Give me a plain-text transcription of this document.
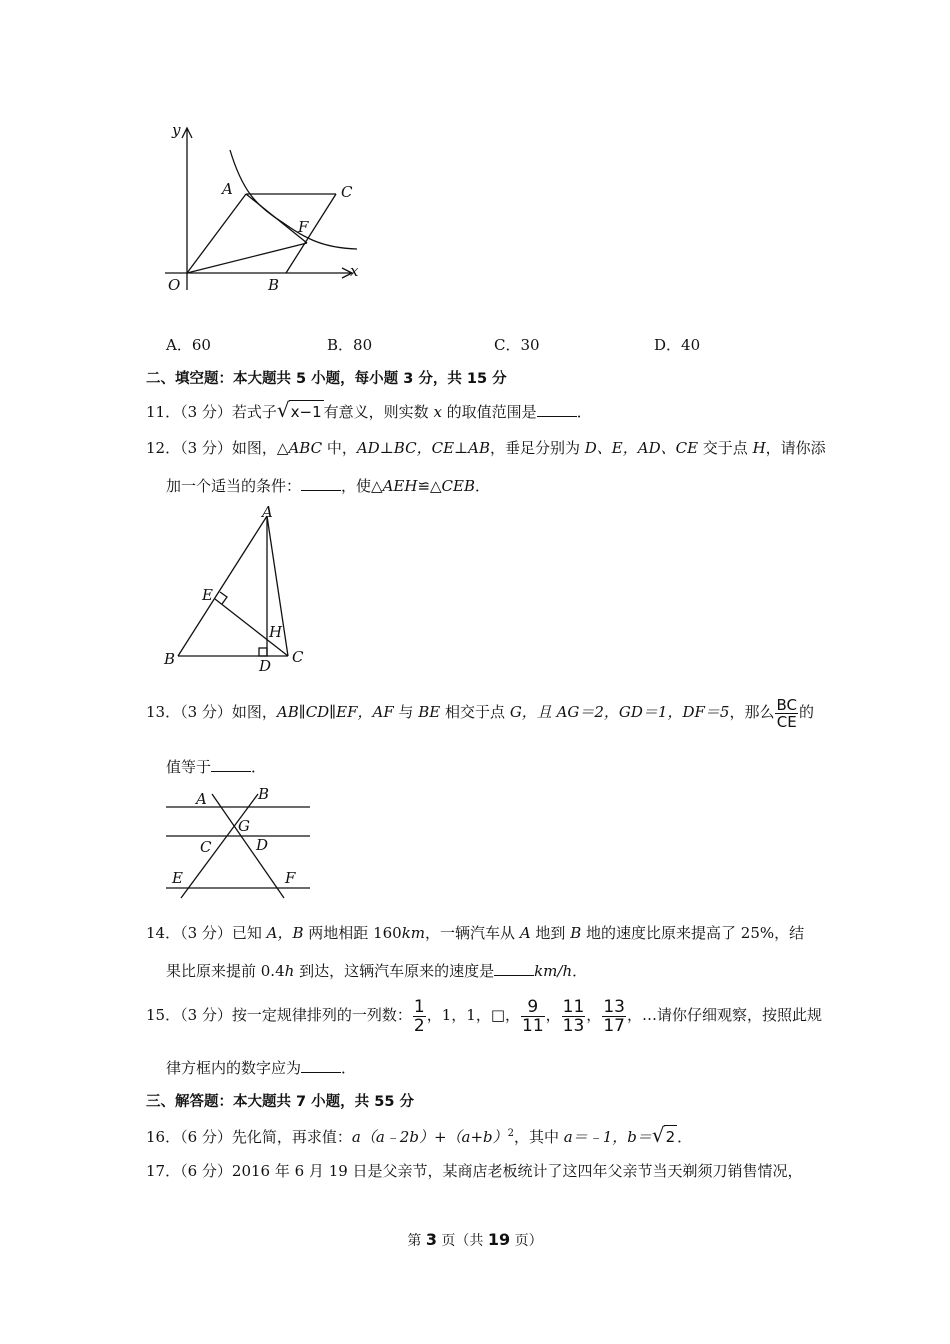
y
x
O
A
B
C
F
A．60	B．80	C．30	D．40
二、填空题：本大题共 5 小题，每小题 3 分，共 15 分
11．（3 分）若式子√x−1 有意义，则实数 x 的取值范围是	．
12．（3 分）如图，△ABC 中，AD⊥BC，CE⊥AB，垂足分别为 D、E，AD、CE 交于点 H，请你添
加一个适当的条件：	，使△AEH≌△CEB．
A
E
H
B	D C
13．（3 分）如图，AB∥CD∥EF，AF 与 BE 相交于点 G，且 AG＝2，GD＝1，DF＝5，那么 $\frac{BC}{CE}$ 的
值等于	．
A	B
G
C	D
E	F
14．（3 分）已知 A，B 两地相距 160km，一辆汽车从 A 地到 B 地的速度比原来提高了 25%，结
果比原来提前 0.4h 到达，这辆汽车原来的速度是	km/h．
15．（3 分）按一定规律排列的一列数： $\frac{1}{2}$ ，1，1，□， $\frac{9}{11}$ ， $\frac{11}{13}$ ， $\frac{13}{17}$ ，…请你仔细观察，按照此规
律方框内的数字应为	．
三、解答题：本大题共 7 小题，共 55 分
16．（6 分）先化简，再求值：$a(a﹣2b)+(a+b)^2$，其中 a＝﹣1，b＝√2 ．
17．（6 分）2016 年 6 月 19 日是父亲节，某商店老板统计了这四年父亲节当天剃须刀销售情况，
第 3 页（共 19 页）
